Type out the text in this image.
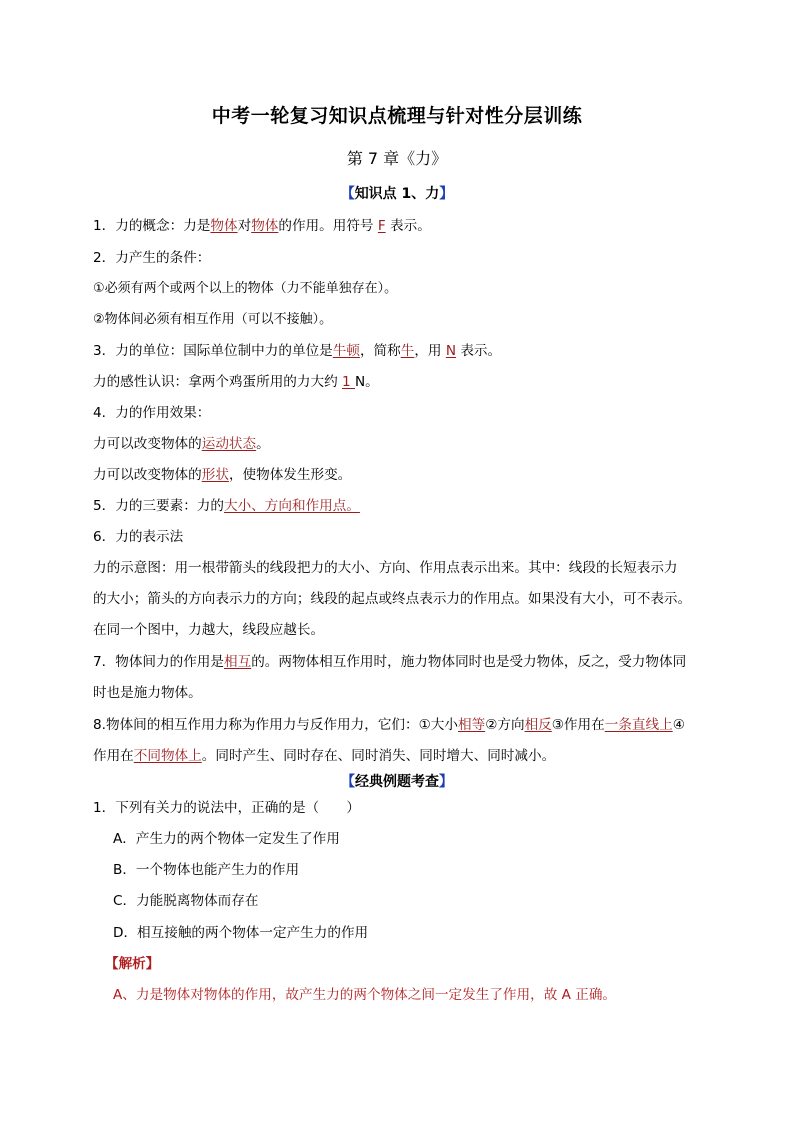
中考一轮复习知识点梳理与针对性分层训练
第 7 章《力》
【知识点 1、力】
1．力的概念：力是物体对物体的作用。用符号 F 表示。
2．力产生的条件：
①必须有两个或两个以上的物体（力不能单独存在）。
②物体间必须有相互作用（可以不接触）。
3．力的单位：国际单位制中力的单位是牛顿，简称牛，用 N 表示。
力的感性认识：拿两个鸡蛋所用的力大约 1 N。
4．力的作用效果：
力可以改变物体的运动状态。
力可以改变物体的形状，使物体发生形变。
5．力的三要素：力的大小、方向和作用点。
6．力的表示法
力的示意图：用一根带箭头的线段把力的大小、方向、作用点表示出来。其中：线段的长短表示力
的大小；箭头的方向表示力的方向；线段的起点或终点表示力的作用点。如果没有大小，可不表示。
在同一个图中，力越大，线段应越长。
7．物体间力的作用是相互的。两物体相互作用时，施力物体同时也是受力物体，反之，受力物体同
时也是施力物体。
8.物体间的相互作用力称为作用力与反作用力，它们：①大小相等②方向相反③作用在一条直线上④
作用在不同物体上。同时产生、同时存在、同时消失、同时增大、同时减小。
【经典例题考查】
1．下列有关力的说法中，正确的是（　　）
A．产生力的两个物体一定发生了作用
B．一个物体也能产生力的作用
C．力能脱离物体而存在
D．相互接触的两个物体一定产生力的作用
【解析】
A、力是物体对物体的作用，故产生力的两个物体之间一定发生了作用，故 A 正确。
